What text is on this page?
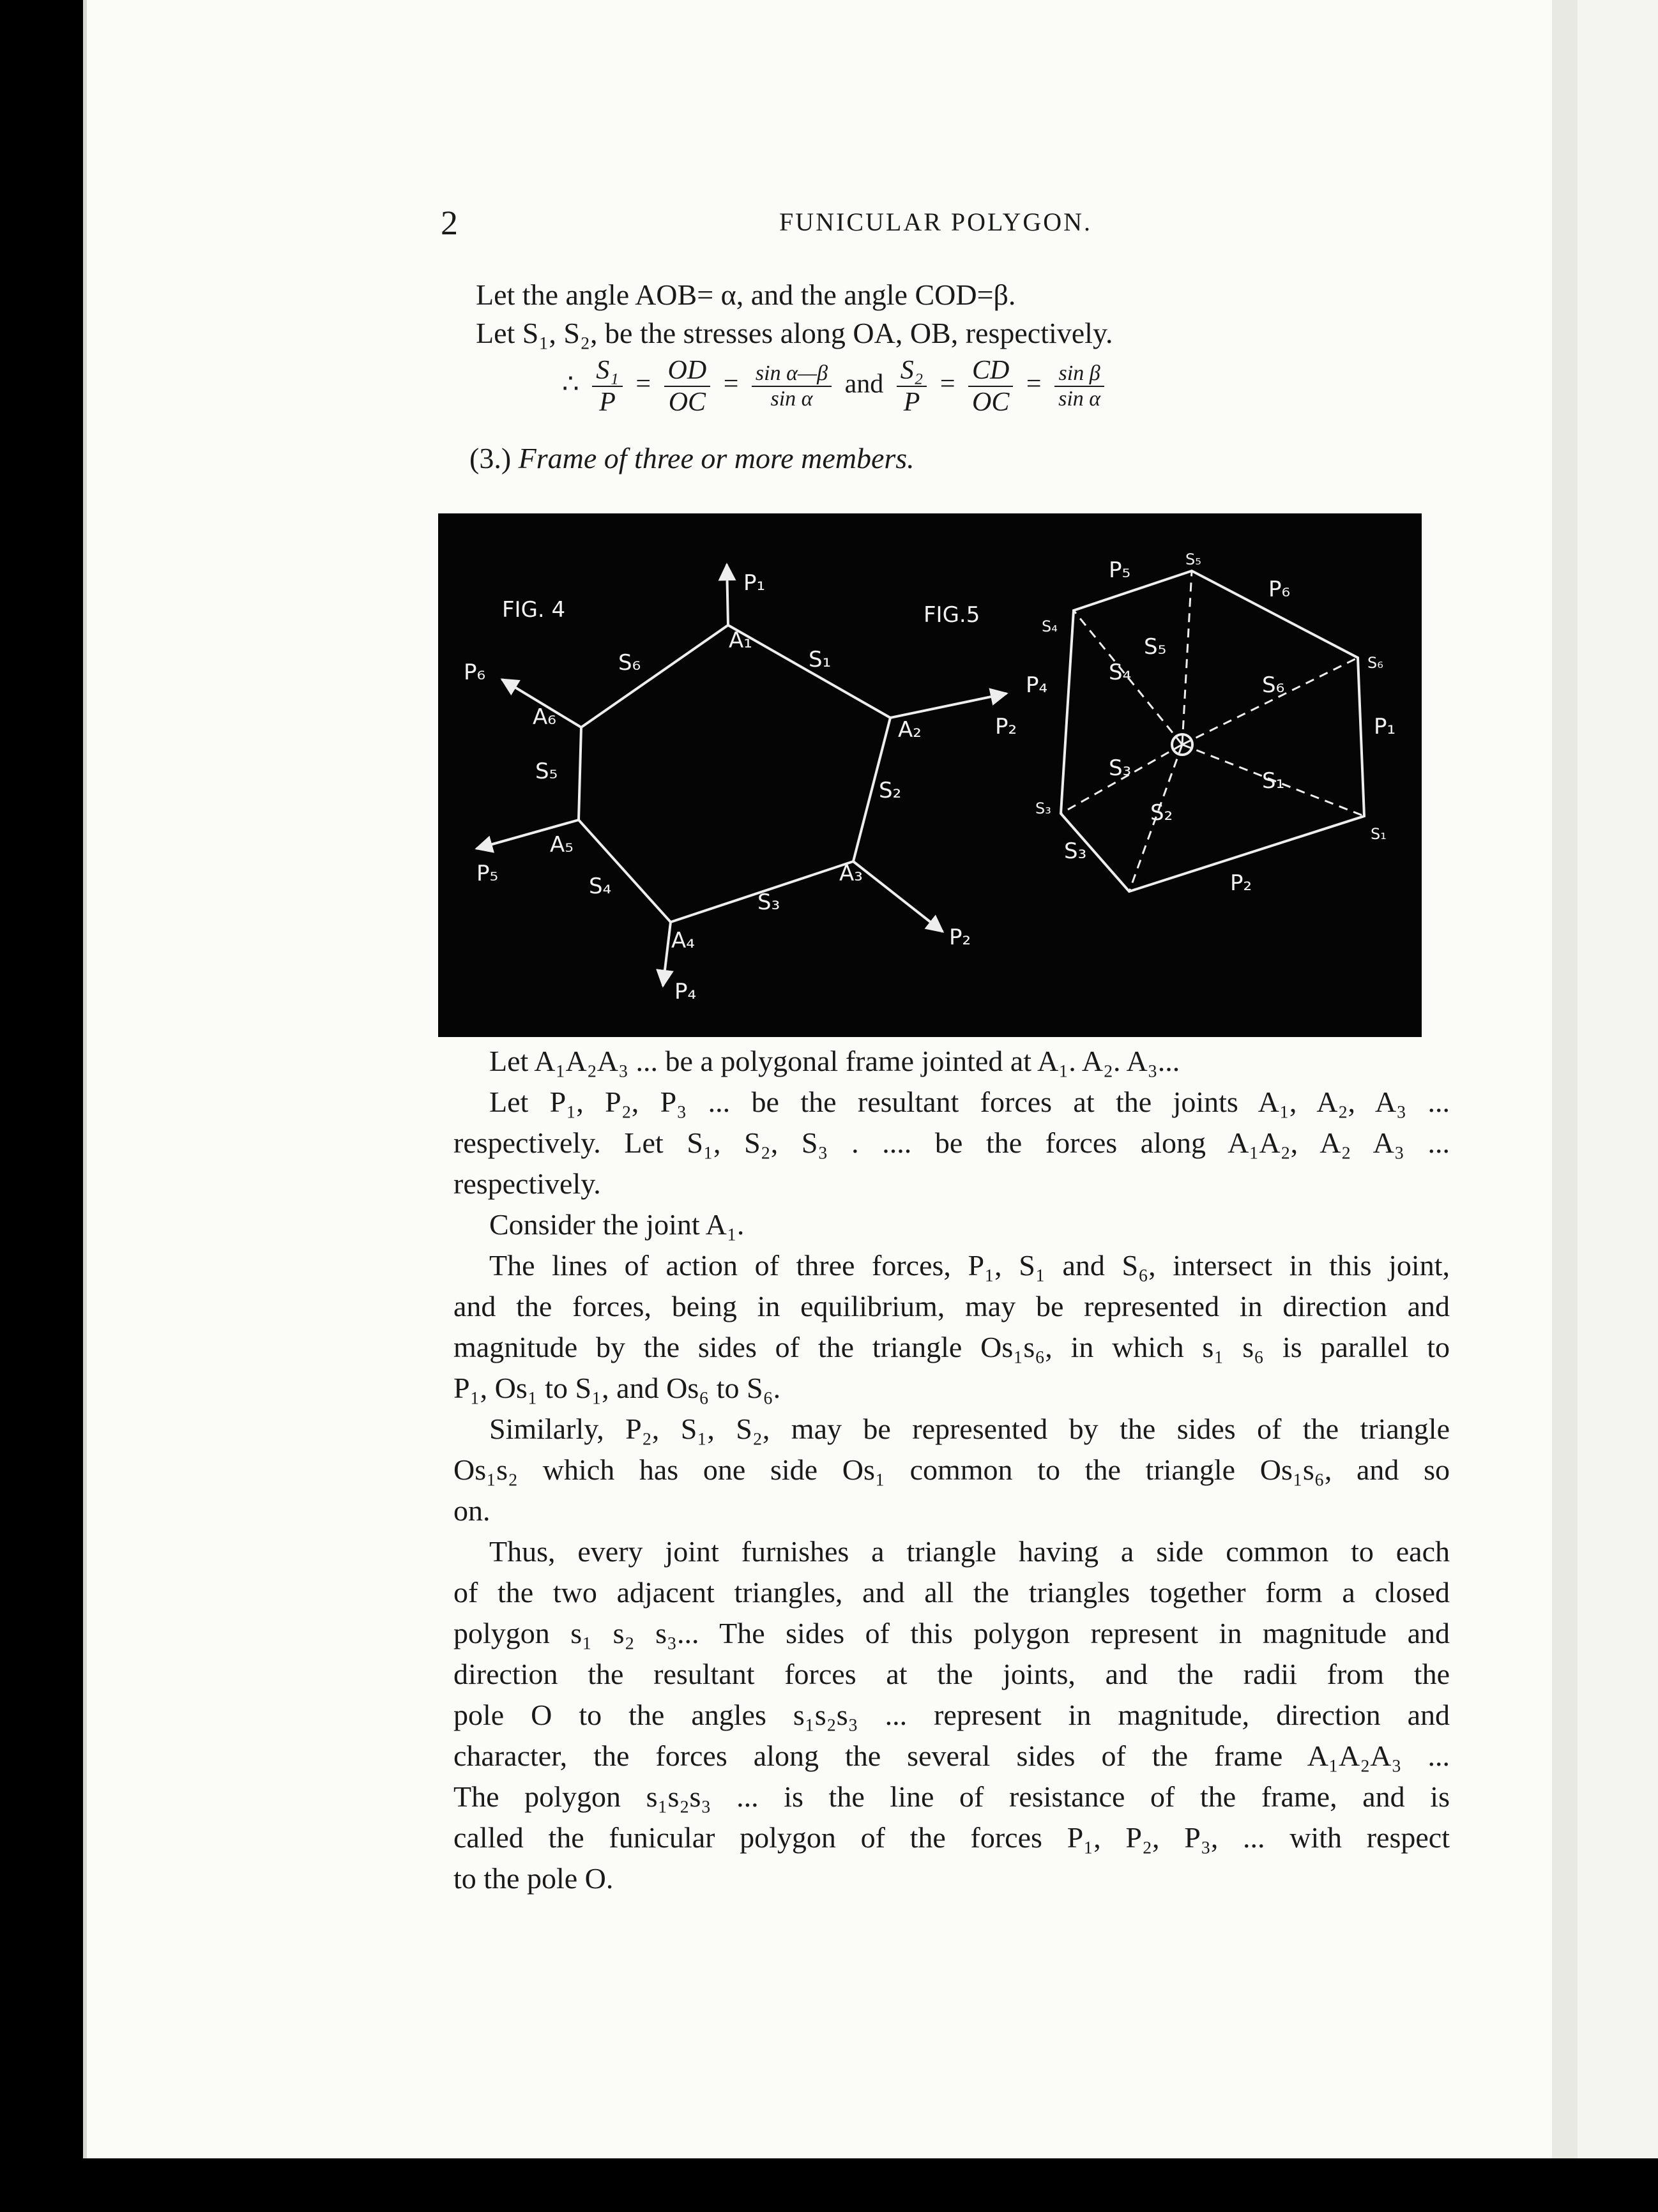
2	FUNICULAR POLYGON.
Let the angle AOB= α, and the angle COD=β.
Let S₁, S₂, be the stresses along OA, OB, respectively.
∴ $\frac{\text{S₁}}{P} = \frac{OD}{OC} = \frac{\text{sin α—β}}{\text{sin α}}$ and $\frac{\text{S₂}}{P} = \frac{CD}{OC} = \frac{\text{sin β}}{\text{sin α}}$
(3.) Frame of three or more members.
FIG. 4
P₁
A₁
S₁
A₂	P₂
S₂
A₃
P₂
S₃
A₄
P₄
S₄
A₅
P₅
S₅
A₆
P₆	S₆
FIG.5
P₅	S₅
P₆
S₄
P₄
S₆
P₁
S₁
S₃
P₂
S₅
S₄	S₆
S₃	S₁
S₂
S₃
Let A₁A₂A₃ ... be a polygonal frame jointed at A₁. A₂. A₃...
Let P₁, P₂, P₃ ... be the resultant forces at the joints A₁, A₂, A₃ ...
respectively. Let S₁, S₂, S₃ . .... be the forces along A₁A₂, A₂ A₃ ...
respectively.
Consider the joint A₁.
The lines of action of three forces, P₁, S₁ and S₆, intersect in this joint,
and the forces, being in equilibrium, may be represented in direction and
magnitude by the sides of the triangle Os₁s₆, in which s₁ s₆ is parallel to
P₁, Os₁ to S₁, and Os₆ to S₆.
Similarly, P₂, S₁, S₂, may be represented by the sides of the triangle
Os₁s₂ which has one side Os₁ common to the triangle Os₁s₆, and so
on.
Thus, every joint furnishes a triangle having a side common to each
of the two adjacent triangles, and all the triangles together form a closed
polygon s₁ s₂ s₃... The sides of this polygon represent in magnitude and
direction the resultant forces at the joints, and the radii from the
pole O to the angles s₁s₂s₃ ... represent in magnitude, direction and
character, the forces along the several sides of the frame A₁A₂A₃ ...
The polygon s₁s₂s₃ ... is the line of resistance of the frame, and is
called the funicular polygon of the forces P₁, P₂, P₃, ... with respect
to the pole O.
